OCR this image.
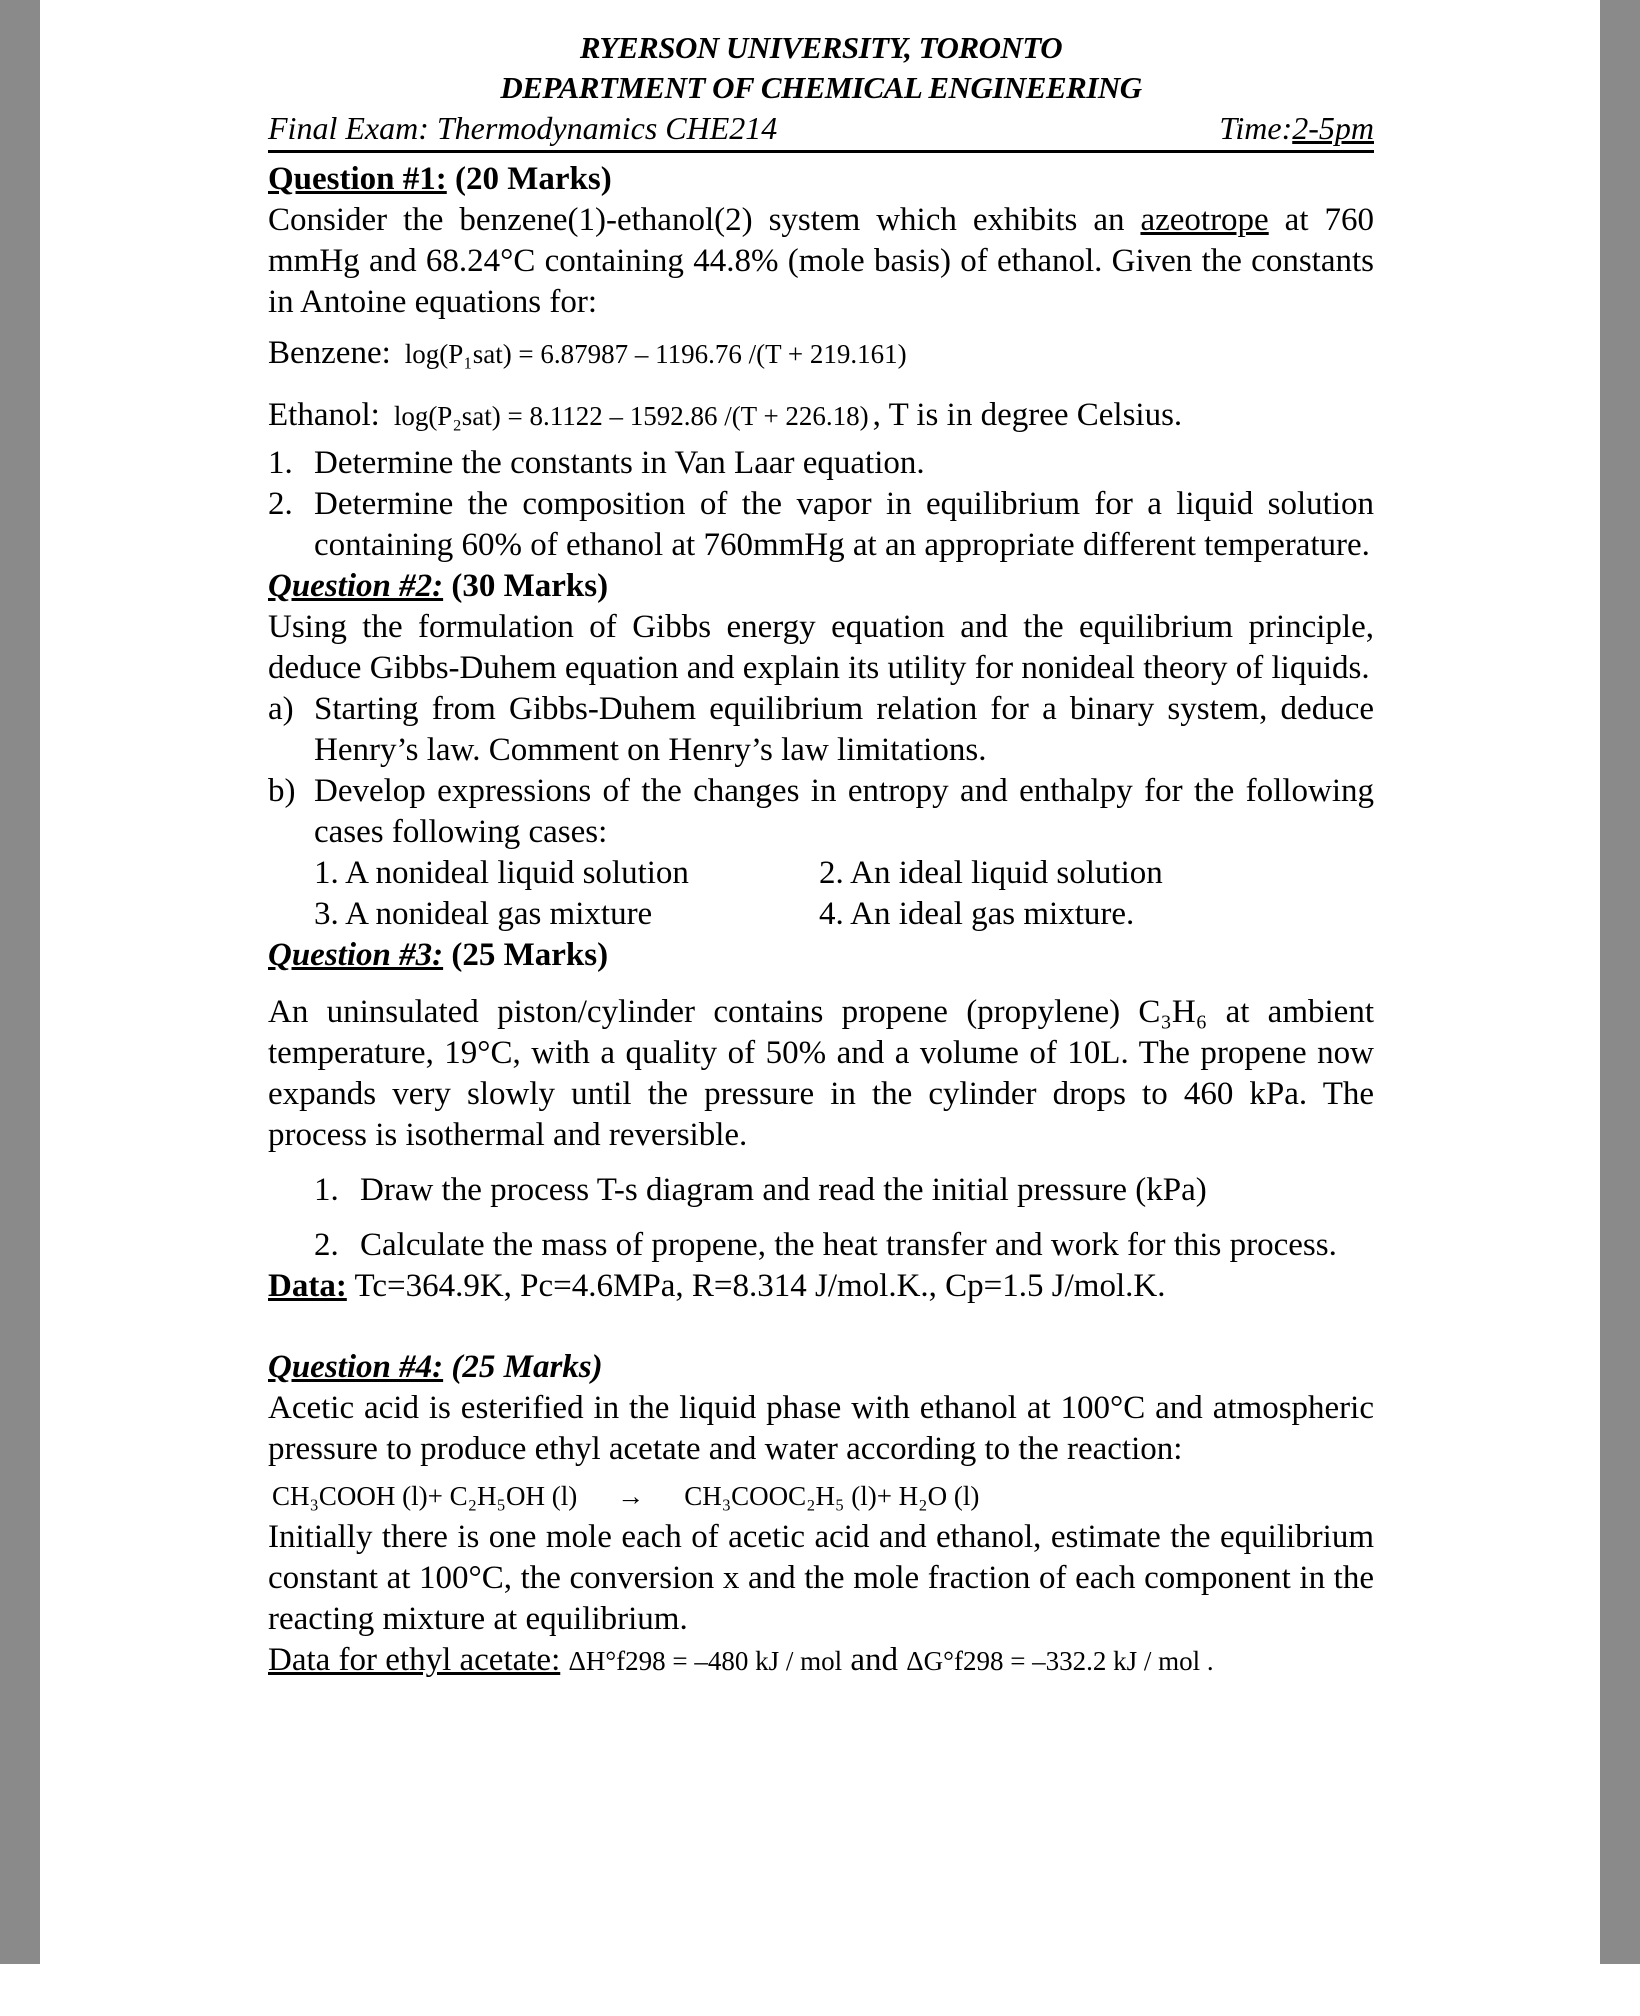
RYERSON UNIVERSITY, TORONTO
DEPARTMENT OF CHEMICAL ENGINEERING
Final Exam: Thermodynamics CHE214	Time:2-5pm
Question #1: (20 Marks)

Consider the benzene(1)-ethanol(2) system which exhibits an azeotrope at 760 mmHg and 68.24°C containing 44.8% (mole basis) of ethanol. Given the constants in Antoine equations for:

Benzene: log(P₁sat) = 6.87987 – 1196.76 /(T + 219.161)
Ethanol: log(P₂sat) = 8.1122 – 1592.86 /(T + 226.18) , T is in degree Celsius.
1. Determine the constants in Van Laar equation.
2. Determine the composition of the vapor in equilibrium for a liquid solution containing 60% of ethanol at 760mmHg at an appropriate different temperature.
Question #2: (30 Marks)

Using the formulation of Gibbs energy equation and the equilibrium principle, deduce Gibbs-Duhem equation and explain its utility for nonideal theory of liquids.

a) Starting from Gibbs-Duhem equilibrium relation for a binary system, deduce Henry’s law. Comment on Henry’s law limitations.
b) Develop expressions of the changes in entropy and enthalpy for the following cases following cases:
1. A nonideal liquid solution	2. An ideal liquid solution
3. A nonideal gas mixture	4. An ideal gas mixture.
Question #3: (25 Marks)

An uninsulated piston/cylinder contains propene (propylene) C₃H₆ at ambient temperature, 19°C, with a quality of 50% and a volume of 10L. The propene now expands very slowly until the pressure in the cylinder drops to 460 kPa. The process is isothermal and reversible.

1. Draw the process T-s diagram and read the initial pressure (kPa)
2. Calculate the mass of propene, the heat transfer and work for this process.

Data: Tc=364.9K, Pc=4.6MPa, R=8.314 J/mol.K., Cp=1.5 J/mol.K.

Question #4: (25 Marks)

Acetic acid is esterified in the liquid phase with ethanol at 100°C and atmospheric pressure to produce ethyl acetate and water according to the reaction:

CH₃COOH (l)+ C₂H₅OH (l) → CH₃COOC₂H₅ (l)+ H₂O (l)

Initially there is one mole each of acetic acid and ethanol, estimate the equilibrium constant at 100°C, the conversion x and the mole fraction of each component in the reacting mixture at equilibrium.

Data for ethyl acetate: ΔH°f298 = –480 kJ / mol and ΔG°f298 = –332.2 kJ / mol .
